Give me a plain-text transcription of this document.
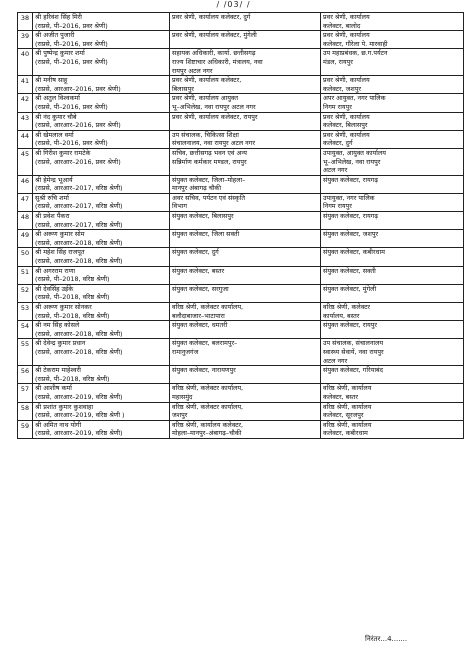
/ /03/ /
38	श्री हरिवंश सिंह मिरी
(राप्रसे, पी–2016, प्रवर श्रेणी)	प्रवर श्रेणी, कार्यालय कलेक्टर, दुर्ग	प्रवर श्रेणी, कार्यालय
कलेक्टर, बालोद

39	श्री अजीत पुजारी
(राप्रसे, पी–2016, प्रवर श्रेणी)	प्रवर श्रेणी, कार्यालय कलेक्टर, मुंगेली	प्रवर श्रेणी, कार्यालय
कलेक्टर, गौरेला पे. मारवाही

40	श्री पुष्पेन्द्र कुमार शर्मा
(राप्रसे, पी–2016, प्रवर श्रेणी)	सहायक अधिकारी, कार्या. छत्तीसगढ़
राज्य शिष्टाचार अधिकारी, मंत्रालय, नवा
रायपुर अटल नगर	उप महाप्रबंधक, छ.ग.पर्यटन
मंडल, रायपुर

41	श्री मनीष साहू
(राप्रसे, आरआर–2016, प्रवर श्रेणी)	प्रवर श्रेणी, कार्यालय कलेक्टर,
बिलासपुर	प्रवर श्रेणी, कार्यालय
कलेक्टर, जशपुर

42	श्री अतुल विश्वकर्मा
(राप्रसे, पी–2016, प्रवर श्रेणी)	प्रवर श्रेणी, कार्यालय आयुक्त
भू–अभिलेख, नवा रायपुर अटल नगर	अपर आयुक्त, नगर पालिक
निगम रायपुर

43	श्री नंद कुमार चौबे
(राप्रसे, आरआर–2016, प्रवर श्रेणी)	प्रवर श्रेणी, कार्यालय कलेक्टर, रायपुर	प्रवर श्रेणी, कार्यालय
कलेक्टर, बिलासपुर

44	श्री खेमलाल वर्मा
(राप्रसे, पी–2016, प्रवर श्रेणी)	उप संचालक, चिकित्सा शिक्षा
संचालनालय, नवा रायपुर अटल नगर	प्रवर श्रेणी, कार्यालय
कलेक्टर, दुर्ग

45	श्री गिरीश कुमार रामटेके
(राप्रसे, आरआर–2016, प्रवर श्रेणी)	सचिव, छत्तीसगढ़ भवन एवं अन्य
सन्निर्माण कर्मकार मण्डल, रायपुर	उपायुक्त, आयुक्त कार्यालय
भू–अभिलेख, नवा रायपुर
अटल नगर

46	श्री हेमेन्द्र भूआर्य
(राप्रसे, आरआर–2017, वरिष्ठ श्रेणी)	संयुक्त कलेक्टर, जिला–मोहला–
मानपुर अंबागढ़ चौकी	संयुक्त कलेक्टर, रायगढ़

47	सुश्री रुचि शर्मा
(राप्रसे, आरआर–2017, वरिष्ठ श्रेणी)	अवर सचिव, पर्यटन एवं संस्कृति
विभाग	उपायुक्त, नगर पालिक
निगम रायपुर

48	श्री प्रवेश पैंकरा
(राप्रसे, आरआर–2017, वरिष्ठ श्रेणी)	संयुक्त कलेक्टर, बिलासपुर	संयुक्त कलेक्टर, रायगढ़

49	श्री अरूण कुमार सोम
(राप्रसे, आरआर–2018, वरिष्ठ श्रेणी)	संयुक्त कलेक्टर, जिला सक्ती	संयुक्त कलेक्टर, जशपुर

50	श्री महेश सिंह राजपूत
(राप्रसे, आरआर–2018, वरिष्ठ श्रेणी)	संयुक्त कलेक्टर, दुर्ग	संयुक्त कलेक्टर, कबीरधाम

51	श्री अगरराम राणा
(राप्रसे, पी–2018, वरिष्ठ श्रेणी)	संयुक्त कलेक्टर, बस्तर	संयुक्त कलेक्टर, सक्ती

52	श्री देवसिंह उईके
(राप्रसे, पी–2018, वरिष्ठ श्रेणी)	संयुक्त कलेक्टर, सरगुजा	संयुक्त कलेक्टर, मुंगेली

53	श्री अरूण कुमार सोनकर
(राप्रसे, पी–2018, वरिष्ठ श्रेणी)	वरिष्ठ श्रेणी, कलेक्टर कार्यालय,
बलौदाबाजार–भाटापारा	वरिष्ठ श्रेणी, कलेक्टर
कार्यालय, बस्तर

54	श्री नम सिंह कोसले
(राप्रसे, आरआर–2018, वरिष्ठ श्रेणी)	संयुक्त कलेक्टर, धमतरी	संयुक्त कलेक्टर, रायपुर

55	श्री देवेन्द्र कुमार प्रधान
(राप्रसे, आरआर–2018, वरिष्ठ श्रेणी)	संयुक्त कलेक्टर, बलरामपुर–
रामानुजगंज	उप संचालक, संचालनालय
स्वास्थ्य सेवायें, नवा रायपुर
अटल नगर

56	श्री टेकराम माहेश्वरी
(राप्रसे, पी–2018, वरिष्ठ श्रेणी)	संयुक्त कलेक्टर, नारायणपुर	संयुक्त कलेक्टर, गरियाबंद

57	श्री आशीष कर्मा
(राप्रसे, आरआर–2019, वरिष्ठ श्रेणी)	वरिष्ठ श्रेणी, कलेक्टर कार्यालय,
महासमुंद	वरिष्ठ श्रेणी, कार्यालय
कलेक्टर, बस्तर

58	श्री प्रशांत कुमार कुशवाहा
(राप्रसे, आरआर–2019, वरिष्ठ श्रेणी )	वरिष्ठ श्रेणी, कलेक्टर कार्यालय,
जशपुर	वरिष्ठ श्रेणी, कार्यालय
कलेक्टर, सूरजपुर

59	श्री अमित नाथ योगी
(राप्रसे, आरआर–2019, वरिष्ठ श्रेणी)	वरिष्ठ श्रेणी, कार्यालय कलेक्टर,
मोहला–मानपुर–अंबागढ़–चौकी	वरिष्ठ श्रेणी, कार्यालय
कलेक्टर, कबीरधाम
निरंतर...4.......
